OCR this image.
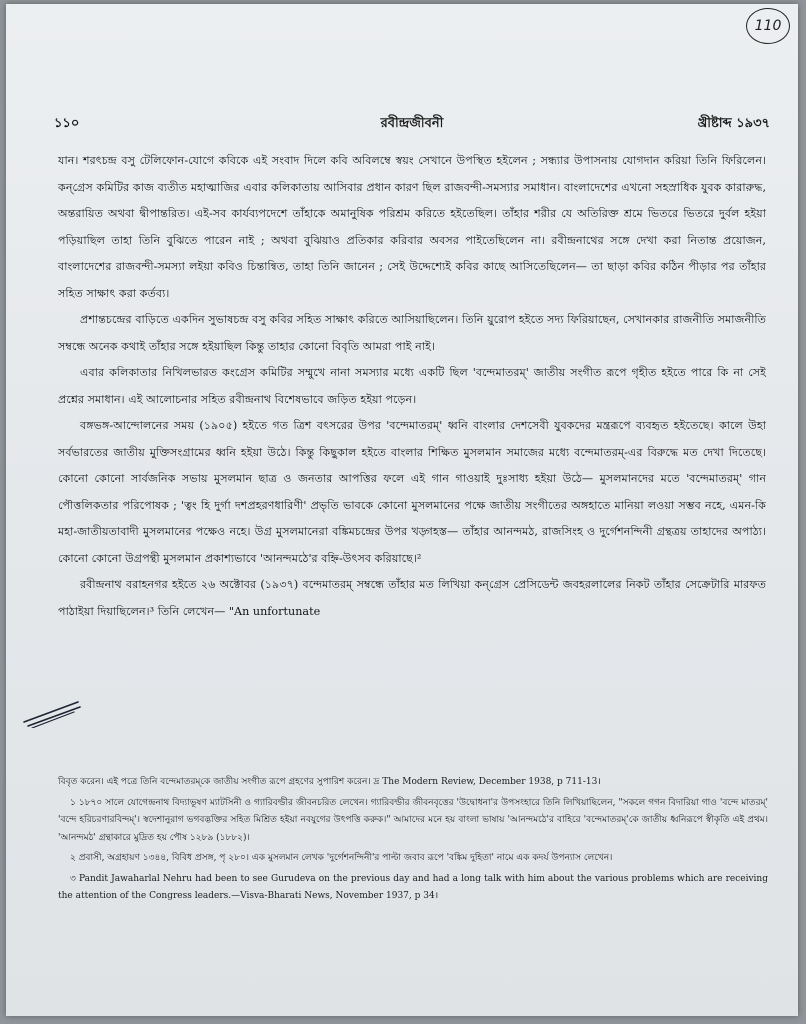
110
১১০	রবীন্দ্রজীবনী	খ্রীষ্টাব্দ ১৯৩৭

যান। শরৎচন্দ্র বসু টেলিফোন-যোগে কবিকে এই সংবাদ দিলে কবি অবিলম্বে স্বয়ং সেখানে উপস্থিত হইলেন ; সন্ধ্যার উপাসনায় যোগদান করিয়া তিনি ফিরিলেন। কন্‌গ্রেস কমিটির কাজ ব্যতীত মহাত্মাজির এবার কলিকাতায় আসিবার প্রধান কারণ ছিল রাজবন্দী-সমস্যার সমাধান। বাংলাদেশের এখনো সহস্রাধিক যুবক কারারুদ্ধ, অন্তরায়িত অথবা দ্বীপান্তরিত। এই-সব কার্যব্যপদেশে তাঁহাকে অমানুষিক পরিশ্রম করিতে হইতেছিল। তাঁহার শরীর যে অতিরিক্ত শ্রমে ভিতরে ভিতরে দুর্বল হইয়া পড়িয়াছিল তাহা তিনি বুঝিতে পারেন নাই ; অথবা বুঝিয়াও প্রতিকার করিবার অবসর পাইতেছিলেন না। রবীন্দ্রনাথের সঙ্গে দেখা করা নিতান্ত প্রয়োজন, বাংলাদেশের রাজবন্দী-সমস্যা লইয়া কবিও চিন্তান্বিত, তাহা তিনি জানেন ; সেই উদ্দেশ্যেই কবির কাছে আসিতেছিলেন— তা ছাড়া কবির কঠিন পীড়ার পর তাঁহার সহিত সাক্ষাৎ করা কর্তব্য।

প্রশান্তচন্দ্রের বাড়িতে একদিন সুভাষচন্দ্র বসু কবির সহিত সাক্ষাৎ করিতে আসিয়াছিলেন। তিনি য়ুরোপ হইতে সদ্য ফিরিয়াছেন, সেখানকার রাজনীতি সমাজনীতি সম্বন্ধে অনেক কথাই তাঁহার সঙ্গে হইয়াছিল কিন্তু তাহার কোনো বিবৃতি আমরা পাই নাই।

এবার কলিকাতার নিখিলভারত কংগ্রেস কমিটির সম্মুখে নানা সমস্যার মধ্যে একটি ছিল 'বন্দেমাতরম্' জাতীয় সংগীত রূপে গৃহীত হইতে পারে কি না সেই প্রশ্নের সমাধান। এই আলোচনার সহিত রবীন্দ্রনাথ বিশেষভাবে জড়িত হইয়া পড়েন।

বঙ্গভঙ্গ-আন্দোলনের সময় (১৯০৫) হইতে গত ত্রিশ বৎসরের উপর 'বন্দেমাতরম্' ধ্বনি বাংলার দেশসেবী যুবকদের মন্ত্ররূপে ব্যবহৃত হইতেছে। কালে উহা সর্বভারতের জাতীয় মুক্তিসংগ্রামের ধ্বনি হইয়া উঠে। কিন্তু কিছুকাল হইতে বাংলার শিক্ষিত মুসলমান সমাজের মধ্যে বন্দেমাতরম্-এর বিরুদ্ধে মত দেখা দিতেছে। কোনো কোনো সার্বজনিক সভায় মুসলমান ছাত্র ও জনতার আপত্তির ফলে এই গান গাওয়াই দুঃসাধ্য হইয়া উঠে— মুসলমানদের মতে 'বন্দেমাতরম্' গান পৌত্তলিকতার পরিপোষক ; 'ত্বং হি দুর্গা দশপ্রহরণধারিণী' প্রভৃতি ভাবকে কোনো মুসলমানের পক্ষে জাতীয় সংগীতের অঙ্গহাতে মানিয়া লওয়া সম্ভব নহে, এমন-কি মহা-জাতীয়তাবাদী মুসলমানের পক্ষেও নহে। উগ্র মুসলমানেরা বঙ্কিমচন্দ্রের উপর খড়্গহস্ত— তাঁহার আনন্দমঠ, রাজসিংহ ও দুর্গেশনন্দিনী গ্রন্থত্রয় তাহাদের অপাঠ্য। কোনো কোনো উগ্রপন্থী মুসলমান প্রকাশ্যভাবে 'আনন্দমঠে'র বহ্নি-উৎসব করিয়াছে।²

রবীন্দ্রনাথ বরাহনগর হইতে ২৬ অক্টোবর (১৯৩৭) বন্দেমাতরম্ সম্বন্ধে তাঁহার মত লিখিয়া কন্‌গ্রেস প্রেসিডেন্ট জবহরলালের নিকট তাঁহার সেক্রেটারি মারফত পাঠাইয়া দিয়াছিলেন।³ তিনি লেখেন— "An unfortunate

বিবৃত করেন। এই পত্রে তিনি বন্দেমাতরম্‌কে জাতীয় সংগীত রূপে গ্রহণের সুপারিশ করেন। দ্র The Modern Review, December 1938, p 711-13।

১ ১৮৭০ সালে যোগেন্দ্রনাথ বিদ্যাভূষণ ম্যাটসিনী ও গ্যারিবল্ডীর জীবনচরিত লেখেন। গ্যারিবল্ডীর জীবনবৃত্তের 'উদ্বোধনা'র উপসংহারে তিনি লিখিয়াছিলেন, "সকলে গগন বিদারিয়া গাও 'বন্দে মাতরম্' 'বন্দে হরিচরণারবিন্দম্'। স্বদেশানুরাগ ভগবদ্ভক্তির সহিত মিশ্রিত হইয়া নবযুগের উৎপত্তি করুক।" আমাদের মনে হয় বাংলা ভাষায় 'আনন্দমঠে'র বাহিরে 'বন্দেমাতরম্'কে জাতীয় ধ্বনিরূপে স্বীকৃতি এই প্রথম। 'আনন্দমঠ' গ্রন্থাকারে মুদ্রিত হয় পৌষ ১২৮৯ (১৮৮২)।

২ প্রবাসী, অগ্রহায়ণ ১৩৪৪, বিবিধ প্রসঙ্গ, পৃ ২৮০। এক মুসলমান লেখক 'দুর্গেশনন্দিনী'র পাল্টা জবাব রূপে 'বঙ্কিম দুহিতা' নামে এক কদর্য উপন্যাস লেখেন।

৩ Pandit Jawaharlal Nehru had been to see Gurudeva on the previous day and had a long talk with him about the various problems which are receiving the attention of the Congress leaders.—Visva-Bharati News, November 1937, p 34।
